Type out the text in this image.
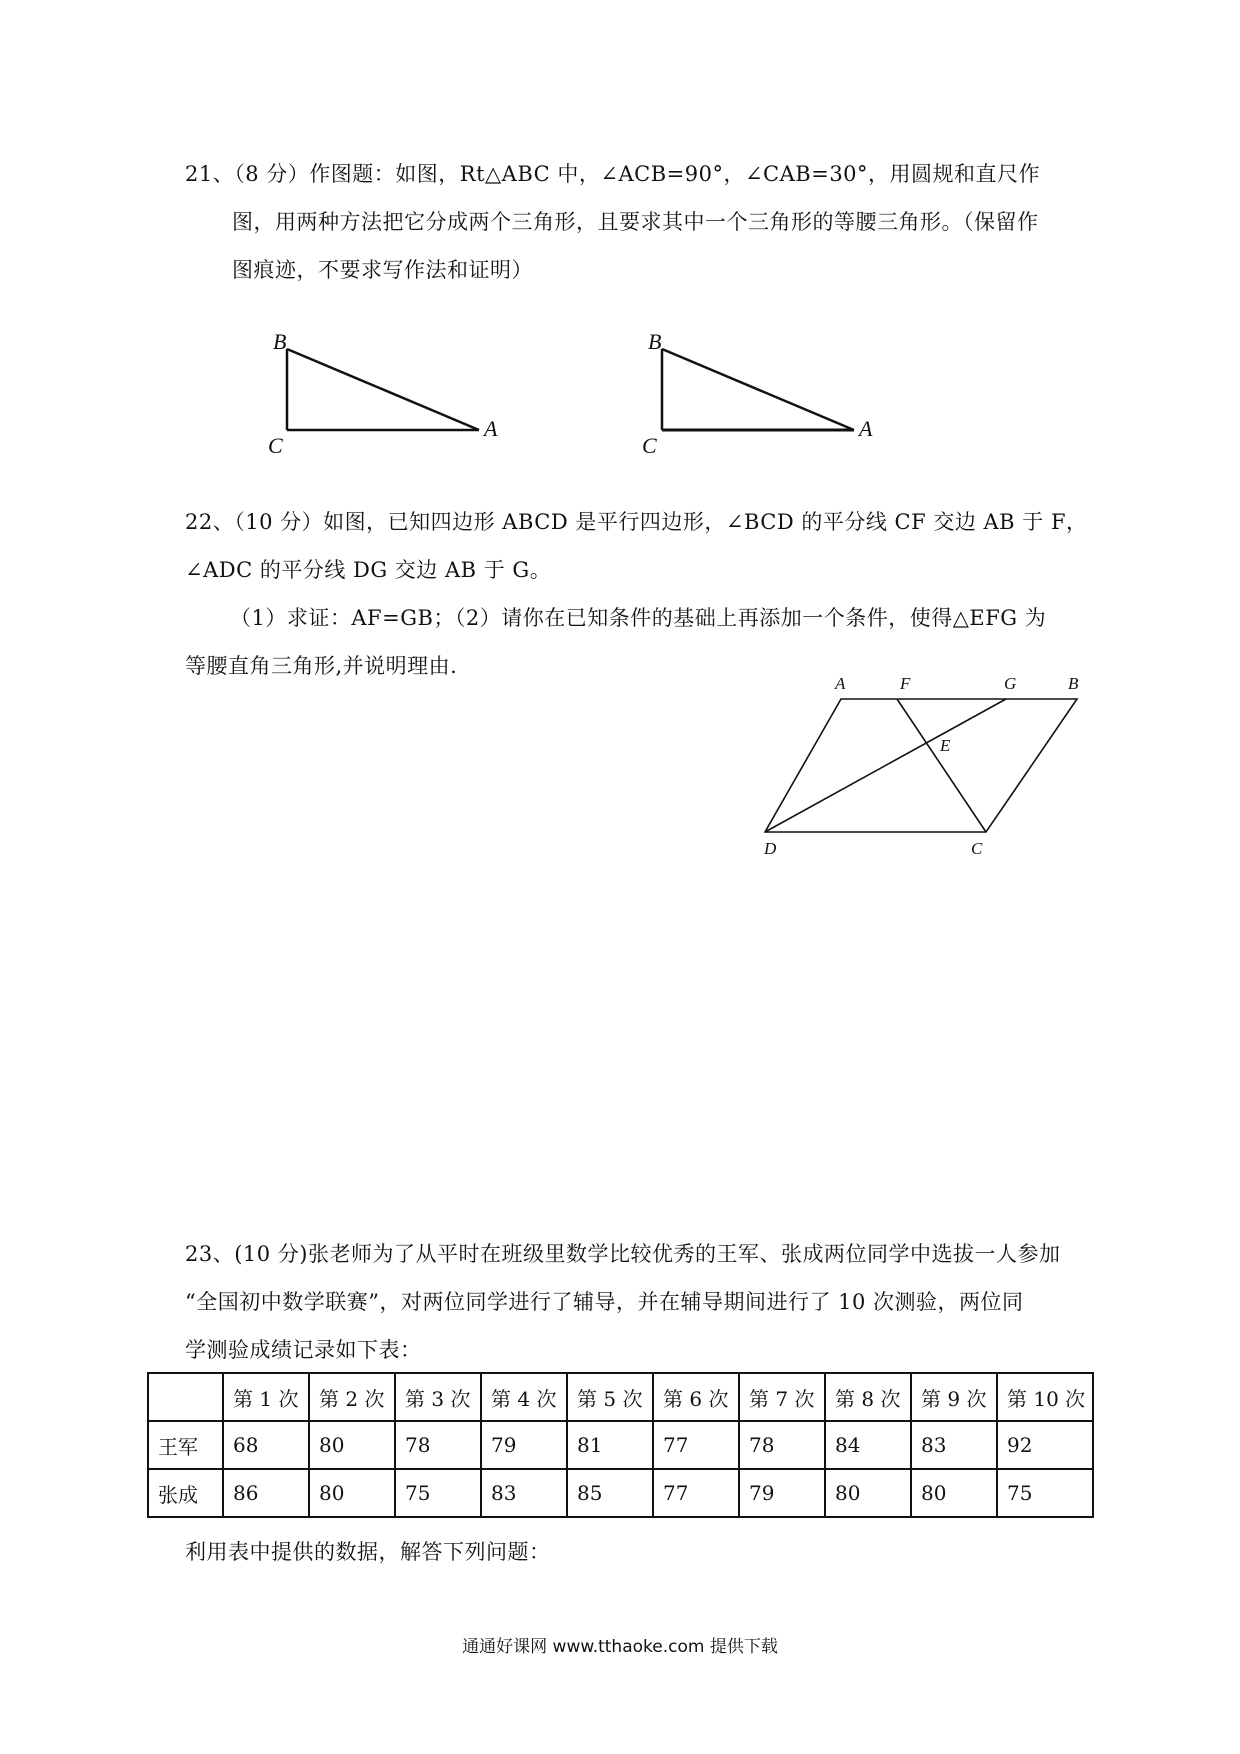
21、（8 分）作图题：如图，Rt△ABC 中，∠ACB=90°，∠CAB=30°，用圆规和直尺作
图，用两种方法把它分成两个三角形，且要求其中一个三角形的等腰三角形。（保留作
图痕迹，不要求写作法和证明）
B
C
A
B
C
A
22、（10 分）如图，已知四边形 ABCD 是平行四边形，∠BCD 的平分线 CF 交边 AB 于 F，
∠ADC 的平分线 DG 交边 AB 于 G。
（1）求证：AF=GB；（2）请你在已知条件的基础上再添加一个条件，使得△EFG 为
等腰直角三角形,并说明理由.
A	F	G	B
E
D	C
23、(10 分)张老师为了从平时在班级里数学比较优秀的王军、张成两位同学中选拔一人参加
“全国初中数学联赛”，对两位同学进行了辅导，并在辅导期间进行了 10 次测验，两位同
学测验成绩记录如下表：
	第 1 次	第 2 次	第 3 次	第 4 次	第 5 次	第 6 次	第 7 次	第 8 次	第 9 次	第 10 次
王军	68	80	78	79	81	77	78	84	83	92
张成	86	80	75	83	85	77	79	80	80	75
利用表中提供的数据，解答下列问题：
通通好课网 www.tthaoke.com 提供下载
